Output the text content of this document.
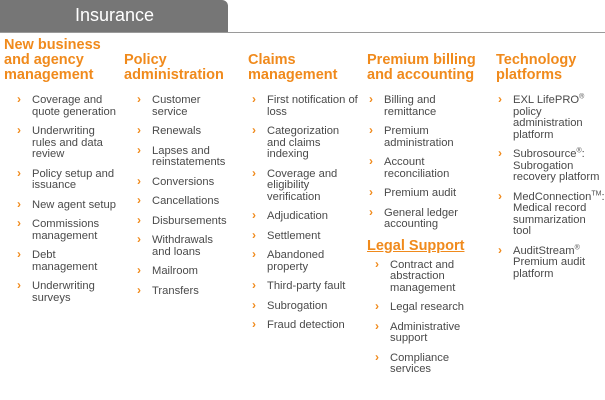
Insurance
New business and agency management
› Coverage and quote generation
› Underwriting rules and data review
› Policy setup and issuance
› New agent setup
› Commissions management
› Debt management
› Underwriting surveys
Policy administration
› Customer service
› Renewals
› Lapses and reinstatements
› Conversions
› Cancellations
› Disbursements
› Withdrawals and loans
› Mailroom
› Transfers
Claims management
› First notification of loss
› Categorization and claims indexing
› Coverage and eligibility verification
› Adjudication
› Settlement
› Abandoned property
› Third-party fault
› Subrogation
› Fraud detection
Premium billing and accounting
› Billing and remittance
› Premium administration
› Account reconciliation
› Premium audit
› General ledger accounting
Legal Support
› Contract and abstraction management
› Legal research
› Administrative support
› Compliance services
Technology platforms
› EXL LifePRO® policy administration platform
› Subrosource®: Subrogation recovery platform
› MedConnection™: Medical record summarization tool
› AuditStream® Premium audit platform
